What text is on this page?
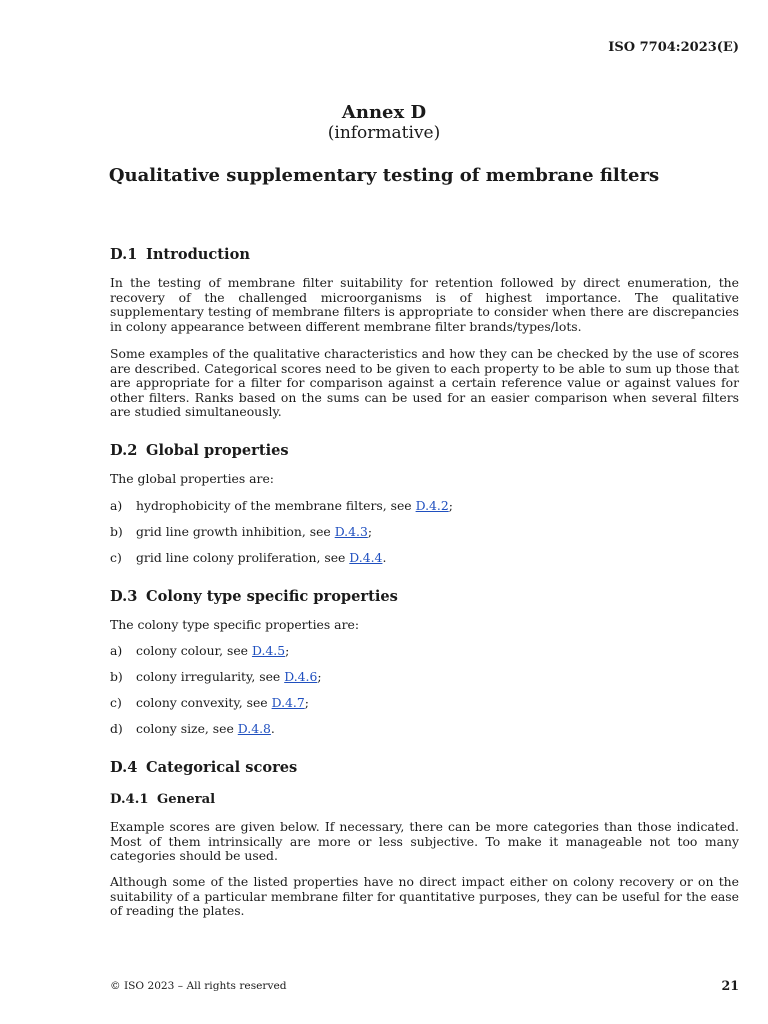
ISO 7704:2023(E)
Annex D
(informative)
Qualitative supplementary testing of membrane filters
D.1 Introduction

In the testing of membrane filter suitability for retention followed by direct enumeration, the recovery of the challenged microorganisms is of highest importance. The qualitative supplementary testing of membrane filters is appropriate to consider when there are discrepancies in colony appearance between different membrane filter brands/types/lots.

Some examples of the qualitative characteristics and how they can be checked by the use of scores are described. Categorical scores need to be given to each property to be able to sum up those that are appropriate for a filter for comparison against a certain reference value or against values for other filters. Ranks based on the sums can be used for an easier comparison when several filters are studied simultaneously.

D.2 Global properties
The global properties are:
a) hydrophobicity of the membrane filters, see D.4.2;
b) grid line growth inhibition, see D.4.3;
c) grid line colony proliferation, see D.4.4.
D.3 Colony type specific properties
The colony type specific properties are:
a) colony colour, see D.4.5;
b) colony irregularity, see D.4.6;
c) colony convexity, see D.4.7;
d) colony size, see D.4.8.
D.4 Categorical scores
D.4.1 General

Example scores are given below. If necessary, there can be more categories than those indicated. Most of them intrinsically are more or less subjective. To make it manageable not too many categories should be used.

Although some of the listed properties have no direct impact either on colony recovery or on the suitability of a particular membrane filter for quantitative purposes, they can be useful for the ease of reading the plates.

© ISO 2023 – All rights reserved	21
